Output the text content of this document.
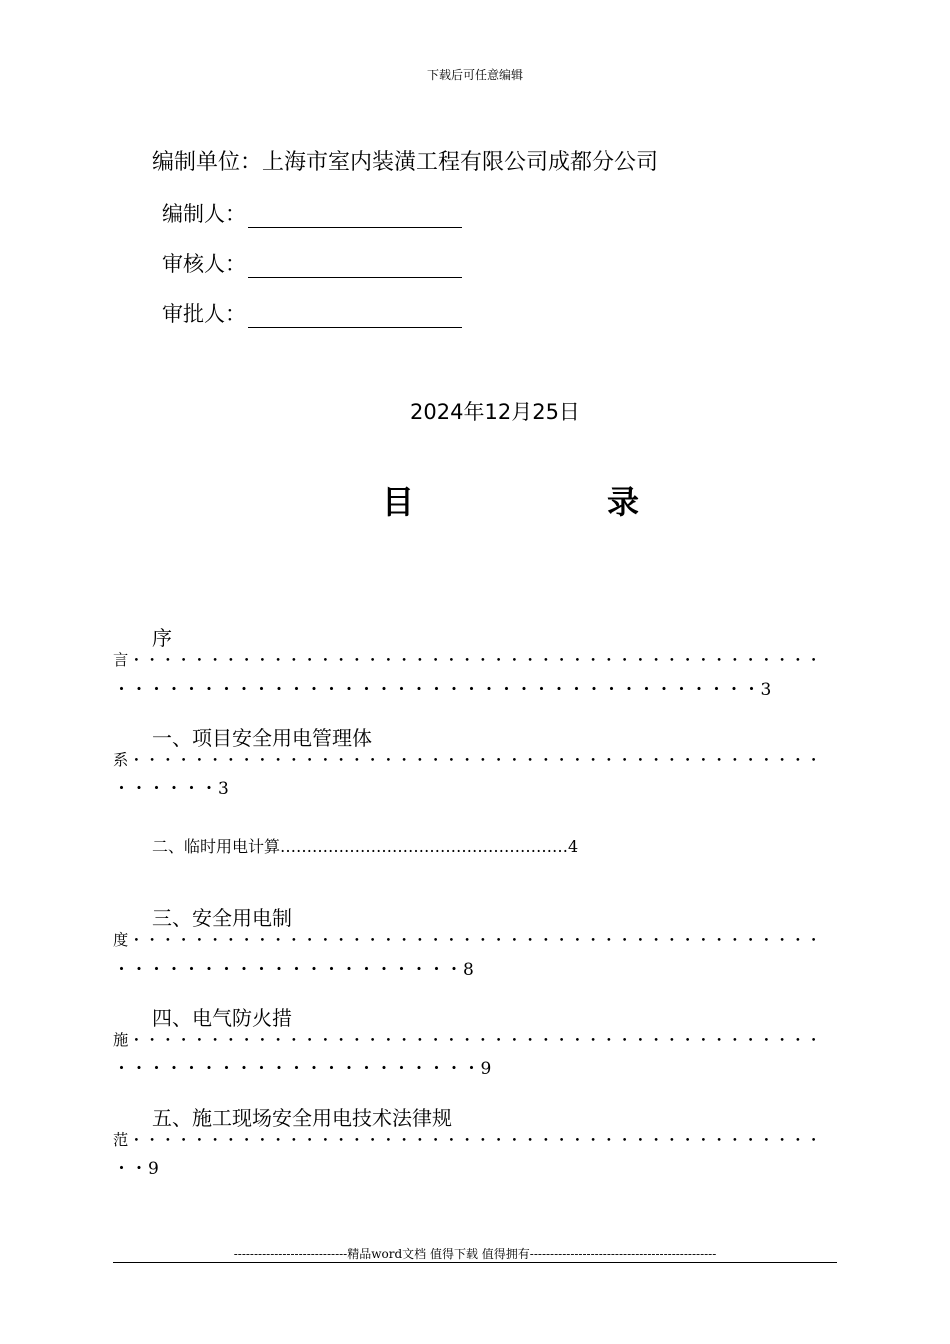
下载后可任意编辑
编制单位：上海市室内装潢工程有限公司成都分公司
编制人：
审核人：
审批人：
2024年12月25日
目	录
序
言・・・・・・・・・・・・・・・・・・・・・・・・・・・・・・・・・・・・・・・・・・・・
・・・・・・・・・・・・・・・・・・・・・・・・・・・・・・・・・・・・・3
一、项目安全用电管理体
系・・・・・・・・・・・・・・・・・・・・・・・・・・・・・・・・・・・・・・・・・・・・
・・・・・・3
二、临时用电计算………………………………………………4
三、安全用电制
度・・・・・・・・・・・・・・・・・・・・・・・・・・・・・・・・・・・・・・・・・・・・
・・・・・・・・・・・・・・・・・・・・8
四、电气防火措
施・・・・・・・・・・・・・・・・・・・・・・・・・・・・・・・・・・・・・・・・・・・・
・・・・・・・・・・・・・・・・・・・・・9
五、施工现场安全用电技术法律规
范・・・・・・・・・・・・・・・・・・・・・・・・・・・・・・・・・・・・・・・・・・・・
・・9
----------------------------精品word文档 值得下载 值得拥有----------------------------------------------
